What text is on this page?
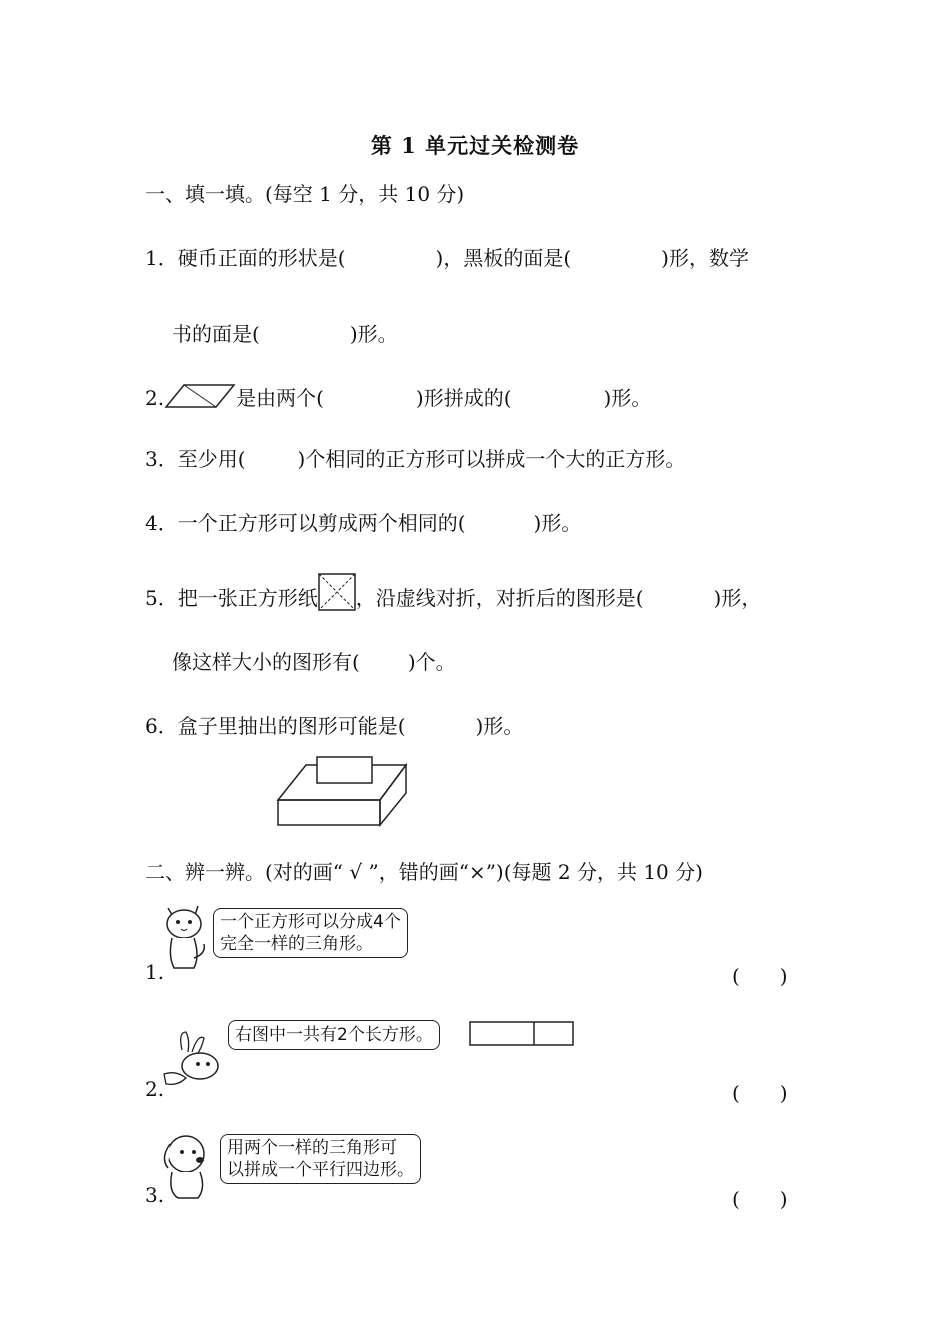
第 1 单元过关检测卷
一、填一填。(每空 1 分，共 10 分)
1．硬币正面的形状是(	)，黑板的面是(	)形，数学
书的面是(	)形。
2.	是由两个(	)形拼成的(	)形。
3．至少用(	)个相同的正方形可以拼成一个大的正方形。
4．一个正方形可以剪成两个相同的(	)形。
5．把一张正方形纸 ，沿虚线对折，对折后的图形是(	)形，
像这样大小的图形有( )个。
6．盒子里抽出的图形可能是(	)形。
二、辨一辨。(对的画“ √ ”，错的画“×”)(每题 2 分，共 10 分)
一个正方形可以分成4个
完全一样的三角形。
1.	(　　)
右图中一共有2个长方形。
2.	(　　)
用两个一样的三角形可
以拼成一个平行四边形。
3.	(　　)
